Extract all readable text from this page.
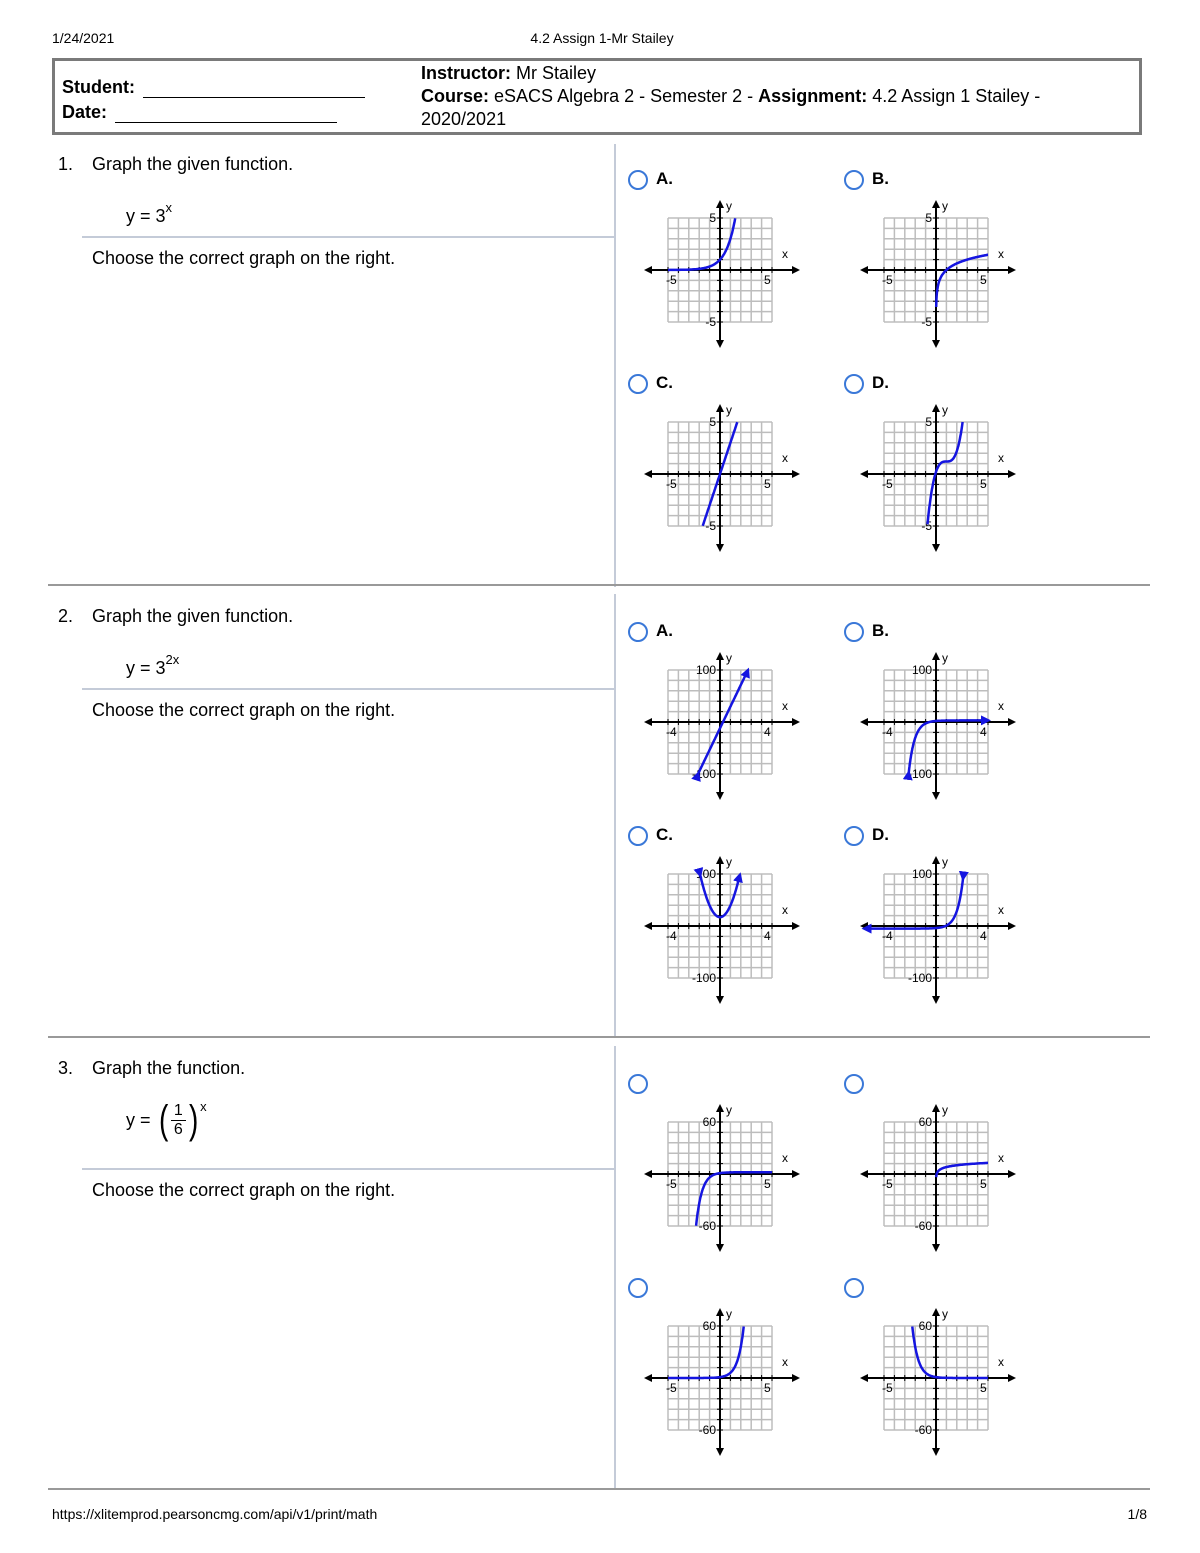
1/24/2021	4.2 Assign 1-Mr Stailey
Student:
Date:
Instructor: Mr Stailey
Course: eSACS Algebra 2 - Semester 2 - Assignment: 4.2 Assign 1 Stailey - 2020/2021
1. Graph the given function.
$y = 3^x$
Choose the correct graph on the right.
A.
y
x
-5	5
5
-5
B.
y
x
-5	5
5
-5
C.
y
x
-5	5
5
-5
D.
y
x
-5	5
5
-5
2. Graph the given function.
$y = 3^{2x}$
Choose the correct graph on the right.
A.
y
x
-4	4
100
-100
B.
y
x
-4	4
100
-100
C.
y
x
-4	4
100
-100
D.
y
x
-4	4
100
-100
3. Graph the function.
y = ( $\frac{1}{6} )^x$
Choose the correct graph on the right.
y
x
-5	5
60
-60
y
x
-5	5
60
-60
y
x
-5	5
60
-60
y
x
-5	5
60
-60
https://xlitemprod.pearsoncmg.com/api/v1/print/math	1/8
